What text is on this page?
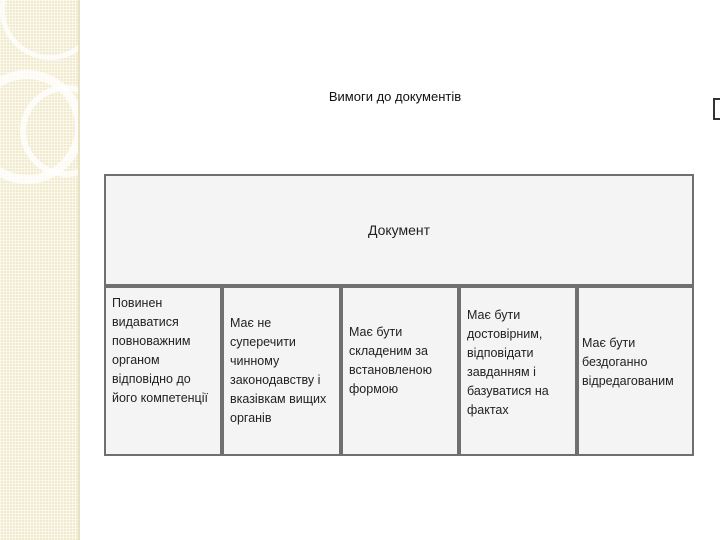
Вимоги до документів
Документ
Повинен видаватися повноважним органом відповідно до його компетенції
Має не суперечити чинному законодавству і вказівкам вищих органів
Має бути складеним за встановленою формою
Має бути достовірним, відповідати завданням і базуватися на фактах
Має бути бездоганно відредагованим
